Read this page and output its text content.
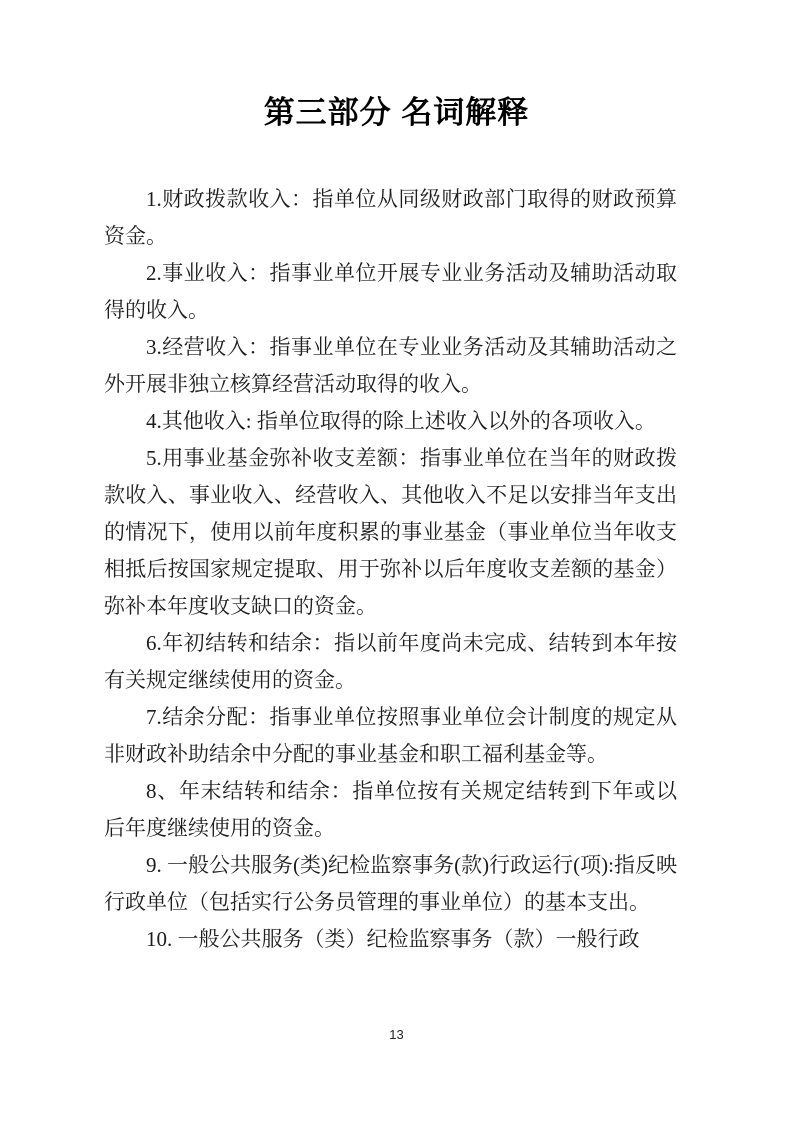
第三部分 名词解释

1.财政拨款收入：指单位从同级财政部门取得的财政预算资金。

2.事业收入：指事业单位开展专业业务活动及辅助活动取得的收入。

3.经营收入：指事业单位在专业业务活动及其辅助活动之外开展非独立核算经营活动取得的收入。

4.其他收入: 指单位取得的除上述收入以外的各项收入。

5.用事业基金弥补收支差额：指事业单位在当年的财政拨款收入、事业收入、经营收入、其他收入不足以安排当年支出的情况下，使用以前年度积累的事业基金（事业单位当年收支相抵后按国家规定提取、用于弥补以后年度收支差额的基金）弥补本年度收支缺口的资金。

6.年初结转和结余：指以前年度尚未完成、结转到本年按有关规定继续使用的资金。

7.结余分配：指事业单位按照事业单位会计制度的规定从非财政补助结余中分配的事业基金和职工福利基金等。

8、年末结转和结余：指单位按有关规定结转到下年或以后年度继续使用的资金。

9. 一般公共服务(类)纪检监察事务(款)行政运行(项):指反映行政单位（包括实行公务员管理的事业单位）的基本支出。

10. 一般公共服务（类）纪检监察事务（款）一般行政

13
